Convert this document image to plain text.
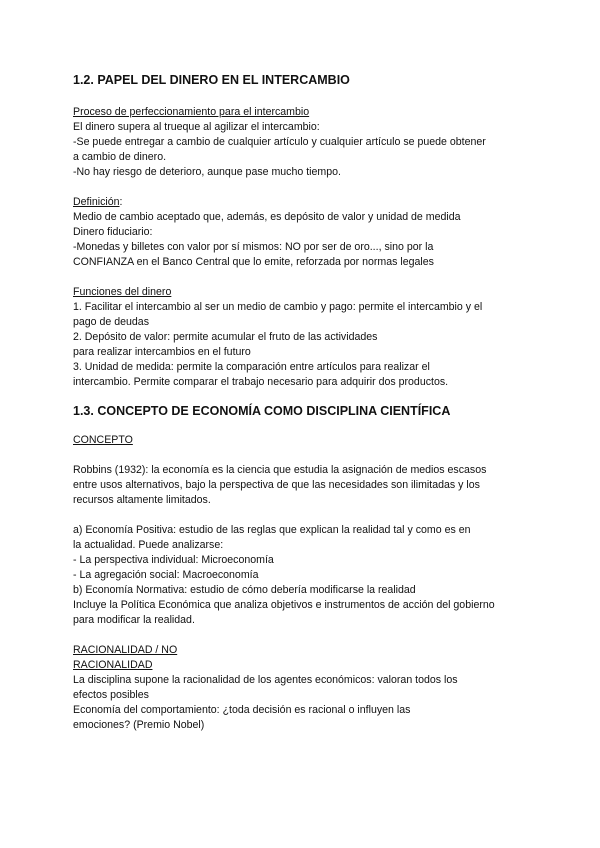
1.2. PAPEL DEL DINERO EN EL INTERCAMBIO

Proceso de perfeccionamiento para el intercambio

El dinero supera al trueque al agilizar el intercambio:

-Se puede entregar a cambio de cualquier artículo y cualquier artículo se puede obtener

a cambio de dinero.

-No hay riesgo de deterioro, aunque pase mucho tiempo.

Definición:

Medio de cambio aceptado que, además, es depósito de valor y unidad de medida

Dinero fiduciario:

-Monedas y billetes con valor por sí mismos: NO por ser de oro..., sino por la

CONFIANZA en el Banco Central que lo emite, reforzada por normas legales

Funciones del dinero

1. Facilitar el intercambio al ser un medio de cambio y pago: permite el intercambio y el

pago de deudas

2. Depósito de valor: permite acumular el fruto de las actividades

para realizar intercambios en el futuro

3. Unidad de medida: permite la comparación entre artículos para realizar el

intercambio. Permite comparar el trabajo necesario para adquirir dos productos.

1.3. CONCEPTO DE ECONOMÍA COMO DISCIPLINA CIENTÍFICA

CONCEPTO

Robbins (1932): la economía es la ciencia que estudia la asignación de medios escasos

entre usos alternativos, bajo la perspectiva de que las necesidades son ilimitadas y los

recursos altamente limitados.

a) Economía Positiva: estudio de las reglas que explican la realidad tal y como es en

la actualidad. Puede analizarse:

- La perspectiva individual: Microeconomía

- La agregación social: Macroeconomía

b) Economía Normativa: estudio de cómo debería modificarse la realidad

Incluye la Política Económica que analiza objetivos e instrumentos de acción del gobierno

para modificar la realidad.

RACIONALIDAD / NO

RACIONALIDAD

La disciplina supone la racionalidad de los agentes económicos: valoran todos los

efectos posibles

Economía del comportamiento: ¿toda decisión es racional o influyen las

emociones? (Premio Nobel)
